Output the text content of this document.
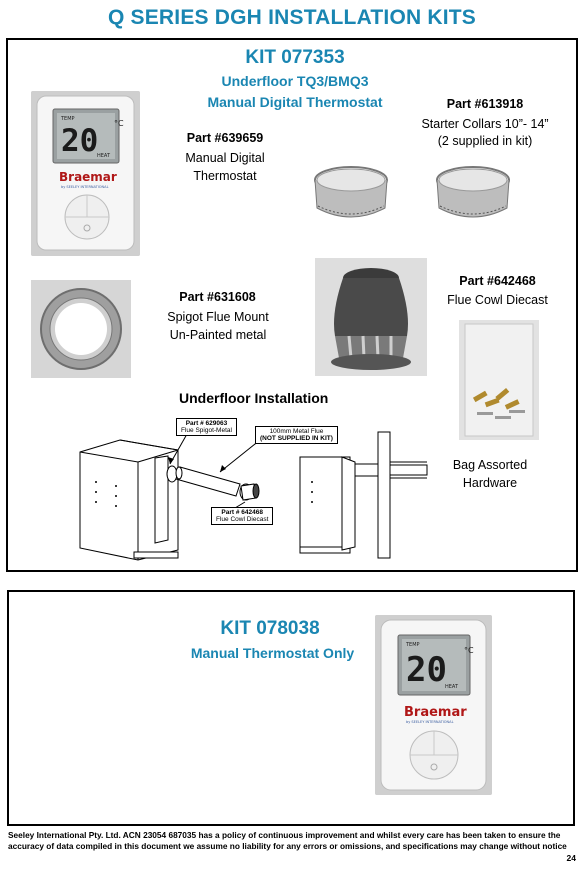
Q SERIES DGH INSTALLATION KITS
KIT 077353
Underfloor TQ3/BMQ3
Manual Digital Thermostat
°C
TEMP
20
HEAT
Braemar
by SEELEY INTERNATIONAL
Part #639659
Manual Digital
Thermostat
Part #613918
Starter Collars 10”- 14”
(2 supplied in kit)
Part #631608
Spigot Flue Mount
Un-Painted metal
Part #642468
Flue Cowl Diecast
Bag Assorted
Hardware
Underfloor Installation
Part # 629063
Flue Spigot-Metal	100mm Metal Flue
(NOT SUPPLIED IN KIT)
Part # 642468
Flue Cowl Diecast
KIT 078038
Manual Thermostat Only	°C
TEMP
20
HEAT
Braemar
by SEELEY INTERNATIONAL
Seeley International Pty. Ltd. ACN 23054 687035 has a policy of continuous improvement and whilst every care has been taken to ensure the
accuracy of data compiled in this document we assume no liability for any errors or omissions, and specifications may change without notice
24
